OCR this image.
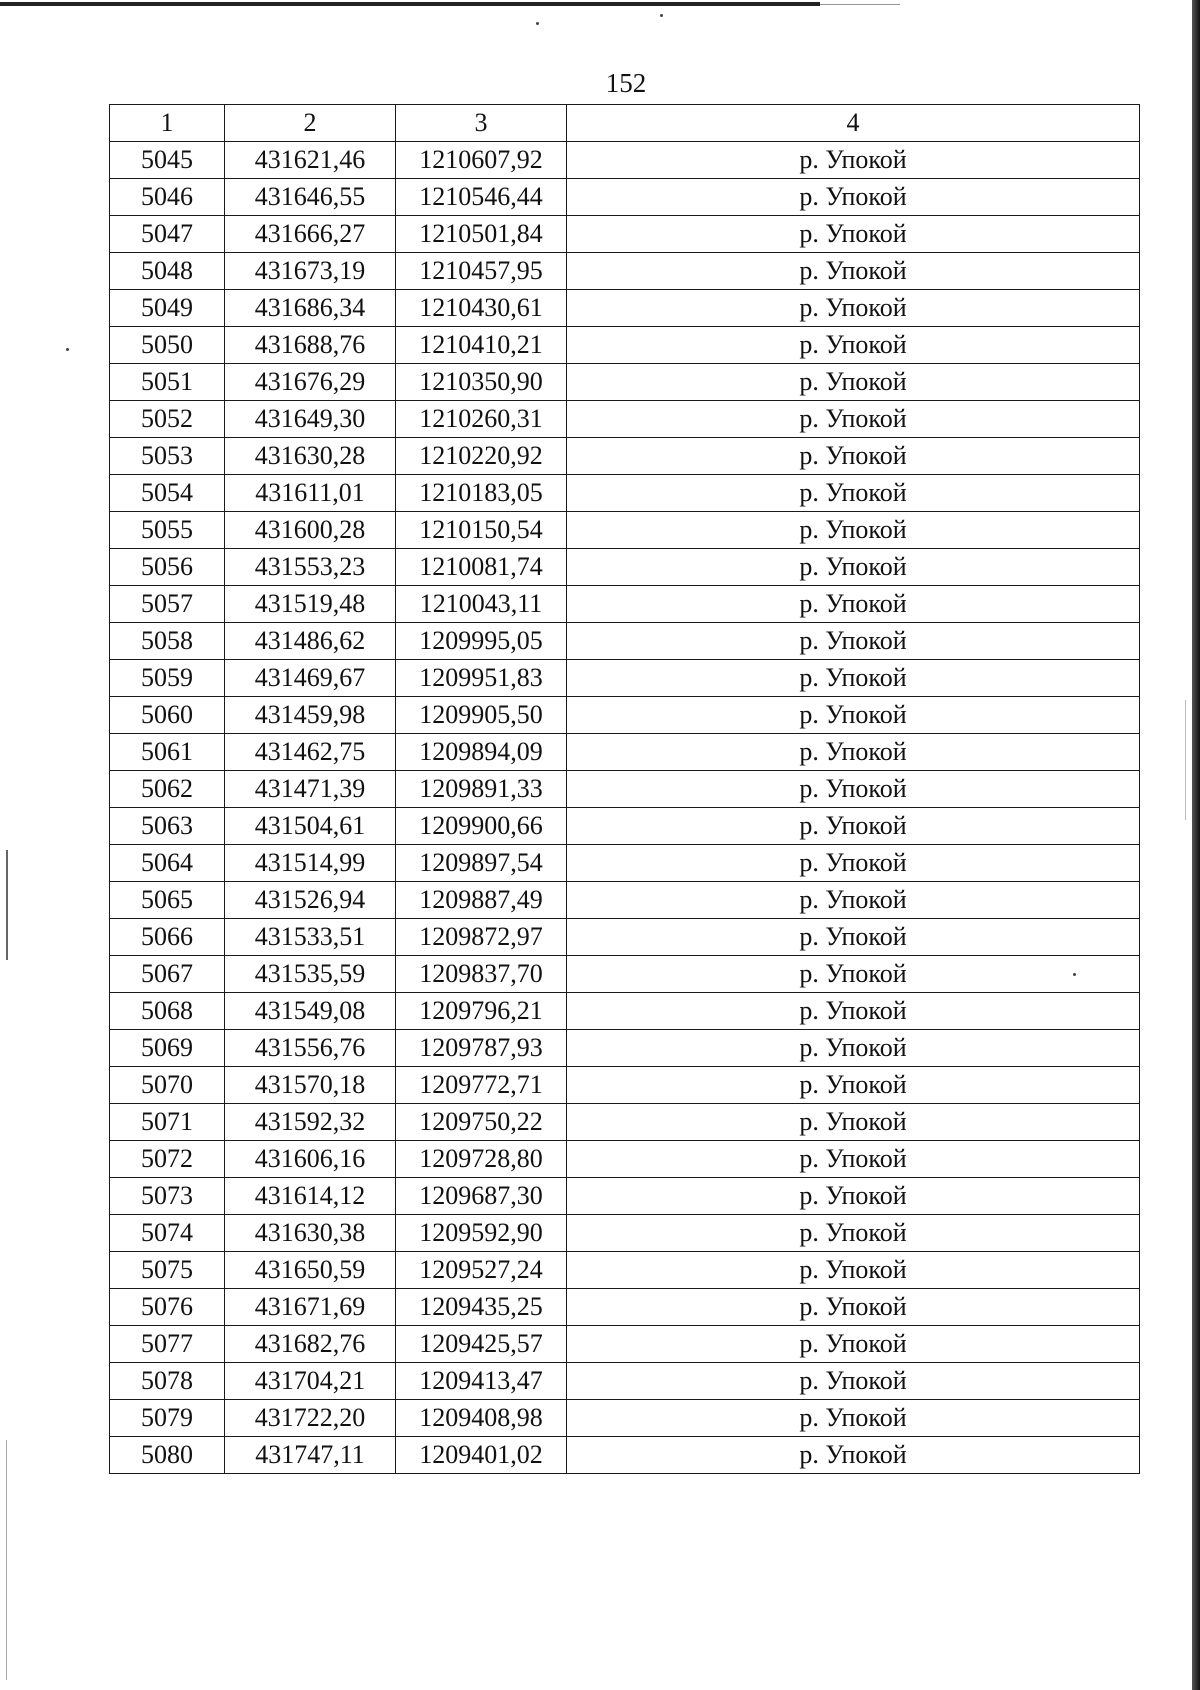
152
1	2	3	4
5045	431621,46	1210607,92	р. Упокой
5046	431646,55	1210546,44	р. Упокой
5047	431666,27	1210501,84	р. Упокой
5048	431673,19	1210457,95	р. Упокой
5049	431686,34	1210430,61	р. Упокой
5050	431688,76	1210410,21	р. Упокой
5051	431676,29	1210350,90	р. Упокой
5052	431649,30	1210260,31	р. Упокой
5053	431630,28	1210220,92	р. Упокой
5054	431611,01	1210183,05	р. Упокой
5055	431600,28	1210150,54	р. Упокой
5056	431553,23	1210081,74	р. Упокой
5057	431519,48	1210043,11	р. Упокой
5058	431486,62	1209995,05	р. Упокой
5059	431469,67	1209951,83	р. Упокой
5060	431459,98	1209905,50	р. Упокой
5061	431462,75	1209894,09	р. Упокой
5062	431471,39	1209891,33	р. Упокой
5063	431504,61	1209900,66	р. Упокой
5064	431514,99	1209897,54	р. Упокой
5065	431526,94	1209887,49	р. Упокой
5066	431533,51	1209872,97	р. Упокой
5067	431535,59	1209837,70	р. Упокой
5068	431549,08	1209796,21	р. Упокой
5069	431556,76	1209787,93	р. Упокой
5070	431570,18	1209772,71	р. Упокой
5071	431592,32	1209750,22	р. Упокой
5072	431606,16	1209728,80	р. Упокой
5073	431614,12	1209687,30	р. Упокой
5074	431630,38	1209592,90	р. Упокой
5075	431650,59	1209527,24	р. Упокой
5076	431671,69	1209435,25	р. Упокой
5077	431682,76	1209425,57	р. Упокой
5078	431704,21	1209413,47	р. Упокой
5079	431722,20	1209408,98	р. Упокой
5080	431747,11	1209401,02	р. Упокой
